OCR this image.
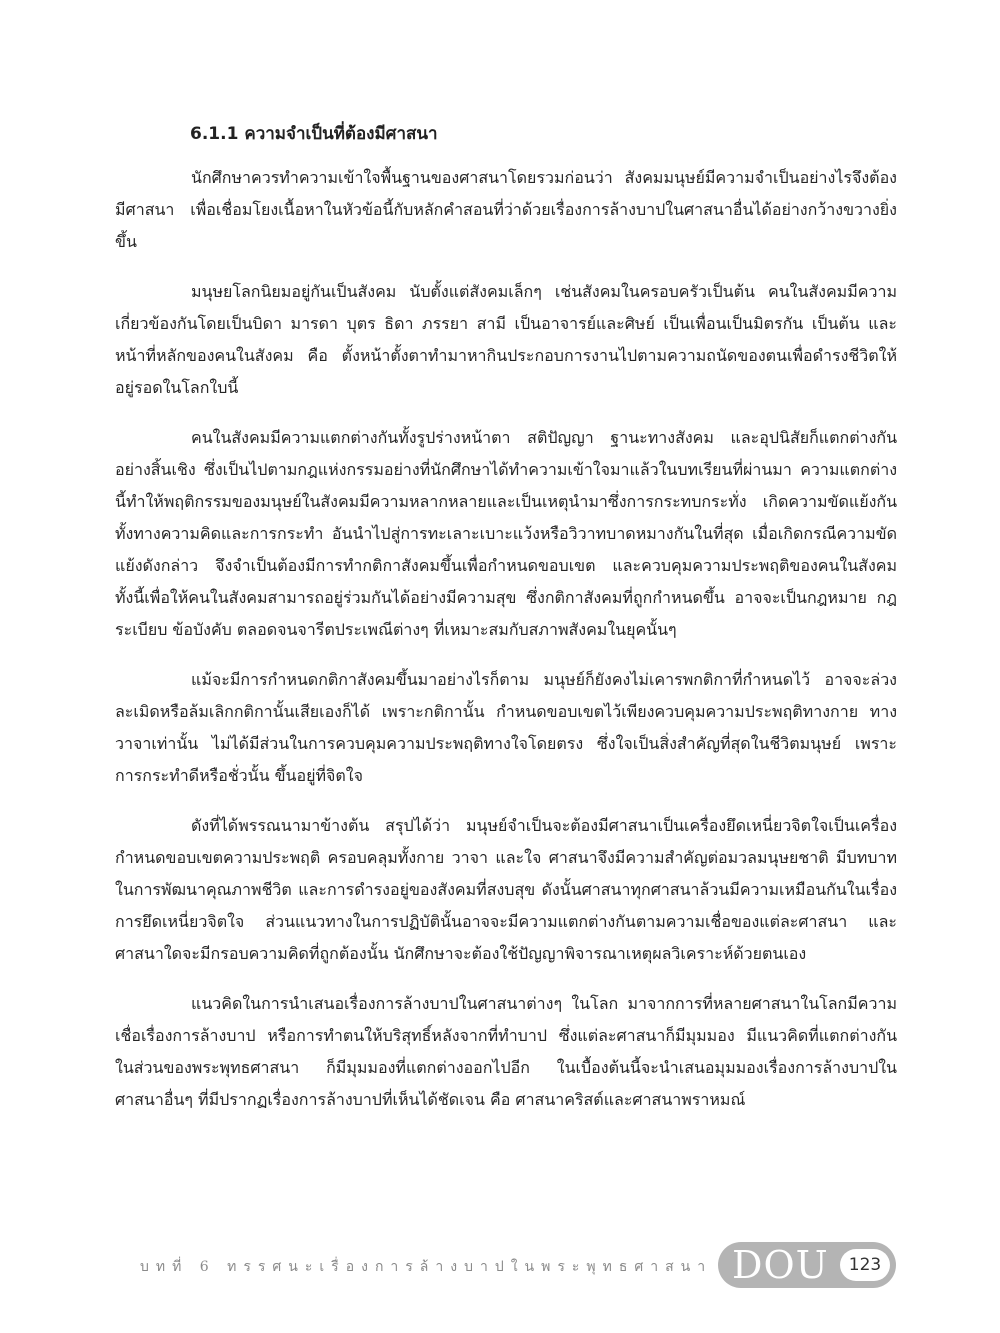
6.1.1 ความจำเป็นที่ต้องมีศาสนา

นักศึกษาควรทำความเข้าใจพื้นฐานของศาสนาโดยรวมก่อนว่า สังคมมนุษย์มีความจำเป็นอย่างไรจึงต้องมีศาสนา เพื่อเชื่อมโยงเนื้อหาในหัวข้อนี้กับหลักคำสอนที่ว่าด้วยเรื่องการล้างบาปในศาสนาอื่นได้อย่างกว้างขวางยิ่งขึ้น

มนุษยโลกนิยมอยู่กันเป็นสังคม นับตั้งแต่สังคมเล็กๆ เช่นสังคมในครอบครัวเป็นต้น คนในสังคมมีความเกี่ยวข้องกันโดยเป็นบิดา มารดา บุตร ธิดา ภรรยา สามี เป็นอาจารย์และศิษย์ เป็นเพื่อนเป็นมิตรกัน เป็นต้น และหน้าที่หลักของคนในสังคม คือ ตั้งหน้าตั้งตาทำมาหากินประกอบการงานไปตามความถนัดของตนเพื่อดำรงชีวิตให้อยู่รอดในโลกใบนี้

คนในสังคมมีความแตกต่างกันทั้งรูปร่างหน้าตา สติปัญญา ฐานะทางสังคม และอุปนิสัยก็แตกต่างกันอย่างสิ้นเชิง ซึ่งเป็นไปตามกฎแห่งกรรมอย่างที่นักศึกษาได้ทำความเข้าใจมาแล้วในบทเรียนที่ผ่านมา ความแตกต่างนี้ทำให้พฤติกรรมของมนุษย์ในสังคมมีความหลากหลายและเป็นเหตุนำมาซึ่งการกระทบกระทั่ง เกิดความขัดแย้งกันทั้งทางความคิดและการกระทำ อันนำไปสู่การทะเลาะเบาะแว้งหรือวิวาทบาดหมางกันในที่สุด เมื่อเกิดกรณีความขัดแย้งดังกล่าว จึงจำเป็นต้องมีการทำกติกาสังคมขึ้นเพื่อกำหนดขอบเขต และควบคุมความประพฤติของคนในสังคม ทั้งนี้เพื่อให้คนในสังคมสามารถอยู่ร่วมกันได้อย่างมีความสุข ซึ่งกติกาสังคมที่ถูกกำหนดขึ้น อาจจะเป็นกฎหมาย กฎระเบียบ ข้อบังคับ ตลอดจนจารีตประเพณีต่างๆ ที่เหมาะสมกับสภาพสังคมในยุคนั้นๆ

แม้จะมีการกำหนดกติกาสังคมขึ้นมาอย่างไรก็ตาม มนุษย์ก็ยังคงไม่เคารพกติกาที่กำหนดไว้ อาจจะล่วงละเมิดหรือล้มเลิกกติกานั้นเสียเองก็ได้ เพราะกติกานั้น กำหนดขอบเขตไว้เพียงควบคุมความประพฤติทางกาย ทางวาจาเท่านั้น ไม่ได้มีส่วนในการควบคุมความประพฤติทางใจโดยตรง ซึ่งใจเป็นสิ่งสำคัญที่สุดในชีวิตมนุษย์ เพราะการกระทำดีหรือชั่วนั้น ขึ้นอยู่ที่จิตใจ

ดังที่ได้พรรณนามาข้างต้น สรุปได้ว่า มนุษย์จำเป็นจะต้องมีศาสนาเป็นเครื่องยึดเหนี่ยวจิตใจเป็นเครื่องกำหนดขอบเขตความประพฤติ ครอบคลุมทั้งกาย วาจา และใจ ศาสนาจึงมีความสำคัญต่อมวลมนุษยชาติ มีบทบาทในการพัฒนาคุณภาพชีวิต และการดำรงอยู่ของสังคมที่สงบสุข ดังนั้นศาสนาทุกศาสนาล้วนมีความเหมือนกันในเรื่องการยึดเหนี่ยวจิตใจ ส่วนแนวทางในการปฏิบัตินั้นอาจจะมีความแตกต่างกันตามความเชื่อของแต่ละศาสนา และศาสนาใดจะมีกรอบความคิดที่ถูกต้องนั้น นักศึกษาจะต้องใช้ปัญญาพิจารณาเหตุผลวิเคราะห์ด้วยตนเอง

แนวคิดในการนำเสนอเรื่องการล้างบาปในศาสนาต่างๆ ในโลก มาจากการที่หลายศาสนาในโลกมีความเชื่อเรื่องการล้างบาป หรือการทำตนให้บริสุทธิ์หลังจากที่ทำบาป ซึ่งแต่ละศาสนาก็มีมุมมอง มีแนวคิดที่แตกต่างกัน ในส่วนของพระพุทธศาสนา ก็มีมุมมองที่แตกต่างออกไปอีก ในเบื้องต้นนี้จะนำเสนอมุมมองเรื่องการล้างบาปในศาสนาอื่นๆ ที่มีปรากฏเรื่องการล้างบาปที่เห็นได้ชัดเจน คือ ศาสนาคริสต์และศาสนาพราหมณ์

บทที่ 6 ทรรศนะเรื่องการล้างบาปในพระพุทธศาสนา DOU	123
